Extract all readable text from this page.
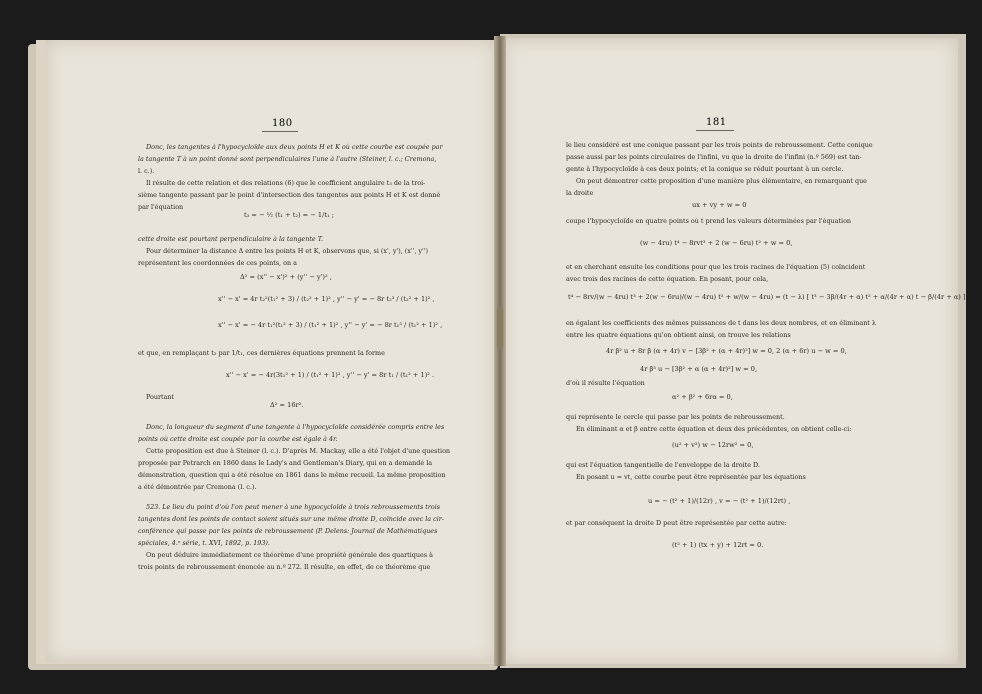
180	181
Donc, les tangentes à l'hypocycloïde aux deux points H et K où cette courbe est coupée par
la tangente T à un point donné sont perpendiculaires l'une à l'autre (Steiner, l. c.; Cremona,
l. c.).
Il résulte de cette relation et des relations (6) que le coefficient angulaire t₃ de la troi-
sième tangente passant par le point d'intersection des tangentes aux points H et K est donné
par l'équation
cette droite est pourtant perpendiculaire à la tangente T.
Pour déterminer la distance Δ entre les points H et K, observons que, si (x', y'), (x'', y'')
représentent les coordonnées de ces points, on a
et que, en remplaçant t₂ par 1/t₁, ces dernières équations prennent la forme
Pourtant
Donc, la longueur du segment d'une tangente à l'hypocycloïde considérée compris entre les
points où cette droite est coupée par la courbe est égale à 4r.
Cette proposition est due à Steiner (l. c.). D'après M. Mackay, elle a été l'objet d'une question
proposée par Petrarch en 1860 dans le Lady's and Gentleman's Diary, qui en a demandé la
démonstration, question qui a été résolue en 1861 dans le même recueil. La même proposition
a été démontrée par Cremona (l. c.).
523. Le lieu du point d'où l'on peut mener à une hypocycloïde à trois rebroussements trois
tangentes dont les points de contact soient situés sur une même droite D, coïncide avec la cir-
conférence qui passe par les points de rebroussement (P. Delens: Journal de Mathématiques
spéciales, 4.ᵉ série, t. XVI, 1892, p. 193).
On peut déduire immédiatement ce théorème d'une propriété générale des quartiques à
trois points de rebroussement énoncée au n.º 272. Il résulte, en effet, de ce théorème que
t₃ = − ½ (t₁ + t₂) = − 1/t₁ ;
Δ² = (x'' − x')² + (y'' − y')² ,
x'' − x' = 4r t₂²(t₁² + 3) / (t₂² + 1)² , y'' − y' = − 8r t₂³ / (t₂² + 1)² ,
x'' − x' = − 4r t₁²(t₁² + 3) / (t₁² + 1)² , y'' − y' = − 8r t₁³ / (t₁² + 1)² ,
x'' − x' = − 4r(3t₁² + 1) / (t₁² + 1)² , y'' − y' = 8r t₁ / (t₁² + 1)² .
Δ² = 16r².
le lieu considéré est une conique passant par les trois points de rebroussement. Cette conique
passe aussi par les points circulaires de l'infini, vu que la droite de l'infini (n.º 569) est tan-
gente à l'hypocycloïde à ces deux points; et la conique se réduit pourtant à un cercle.
On peut démontrer cette proposition d'une manière plus élémentaire, en remarquant que
la droite
coupe l'hypocycloïde en quatre points où t prend les valeurs déterminées par l'équation
et en cherchant ensuite les conditions pour que les trois racines de l'équation (5) coïncident
avec trois des racines de cette équation. En posant, pour cela,
en égalant les coefficients des mêmes puissances de t dans les deux nombres, et en éliminant λ
entre les quatre équations qu'on obtient ainsi, on trouve les relations
d'où il résulte l'équation
qui représente le cercle qui passe par les points de rebroussement.
En éliminant α et β entre cette équation et deux des précédentes, on obtient celle-ci:
qui est l'équation tangentielle de l'enveloppe de la droite D.
En posant u = vt, cette courbe peut être représentée par les équations
et par conséquent la droite D peut être représentée par cette autre:
ux + vy + w = 0
(w − 4ru) t⁴ − 8rvt³ + 2 (w − 6ru) t² + w = 0,
t⁴ − 8rv/(w − 4ru) t³ + 2(w − 6ru)/(w − 4ru) t² + w/(w − 4ru) = (t − λ) [ t³ − 3β/(4r + α) t² + α/(4r + α) t − β/(4r + α) ] ,
4r β² u + 8r β (α + 4r) v − [3β² + (α + 4r)²] w = 0, 2 (α + 6r) u − w = 0,
4r β³ u − [3β² + α (α + 4r)²] w = 0,
α² + β² + 6rα = 0,
(u² + v²) w − 12rw² = 0,
u = − (t² + 1)/(12r) , v = − (t² + 1)/(12rt) ,
(t² + 1) (tx + y) + 12rt = 0.
